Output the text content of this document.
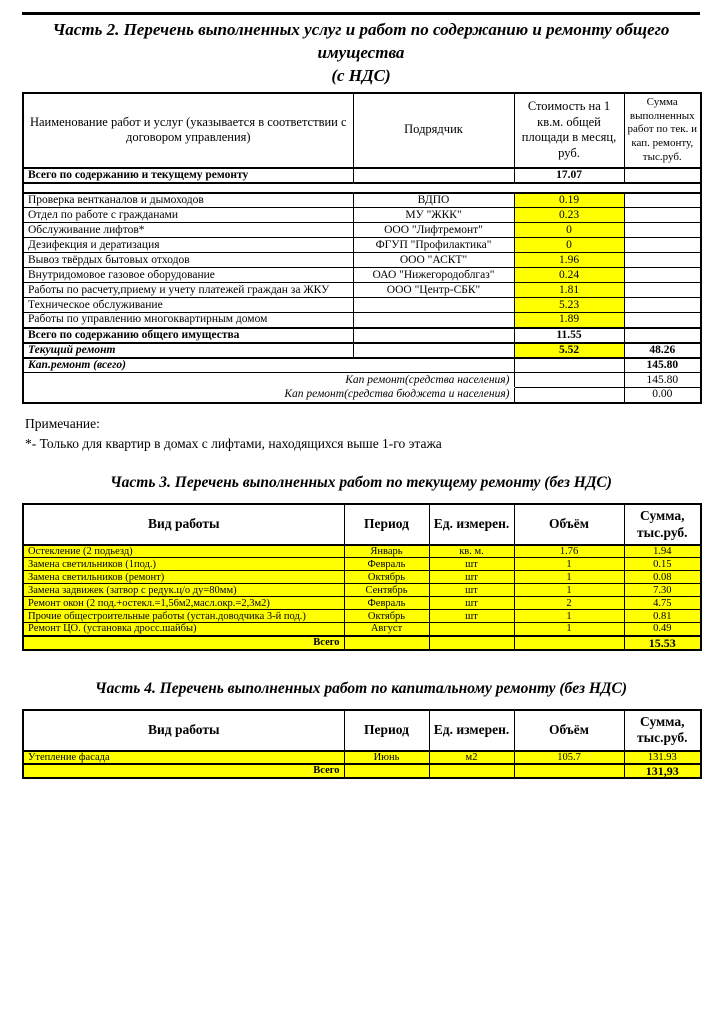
Часть 2. Перечень выполненных услуг и работ по содержанию и ремонту общего имущества
(с НДС)
Наименование работ и услуг (указывается в соответствии с договором управления)	Подрядчик	Стоимость на 1 кв.м. общей площади в месяц, руб.	Сумма выполненных работ по тек. и кап. ремонту, тыс.руб.
Всего по содержанию и текущему ремонту		17.07	

Проверка вентканалов и дымоходов	ВДПО	0.19	
Отдел по работе с гражданами	МУ "ЖКК"	0.23	
Обслуживание лифтов*	ООО "Лифтремонт"	0	
Дезифекция и дератизация	ФГУП "Профилактика"	0	
Вывоз твёрдых бытовых отходов	ООО "АСКТ"	1.96	
Внутридомовое газовое оборудование	ОАО "Нижегородоблгаз"	0.24	
Работы по расчету,приему и учету платежей граждан за ЖКУ	ООО "Центр-СБК"	1.81	
Техническое обслуживание		5.23	
Работы по управлению многоквартирным домом		1.89	
Всего по содержанию общего имущества		11.55	
Текущий ремонт		5.52	48.26
Кап.ремонт (всего)			145.80
Кап ремонт(средства населения)			145.80
Кап ремонт(средства бюджета и населения)			0.00
Примечание:
*- Только для квартир в домах с лифтами, находящихся выше 1-го этажа
Часть 3. Перечень выполненных работ по текущему ремонту (без НДС)
Вид работы	Период	Ед. измерен.	Объём	Сумма, тыс.руб.
Остекление (2 подьезд)	Январь	кв. м.	1.76	1.94
Замена светильников (1под.)	Февраль	шт	1	0.15
Замена светильников (ремонт)	Октябрь	шт	1	0.08
Замена задвижек (затвор с редук.ц/о ду=80мм)	Сентябрь	шт	1	7.30
Ремонт окон (2 под.+остекл.=1,56м2,масл.окр.=2,3м2)	Февраль	шт	2	4.75
Прочие общестроительные работы (устан.доводчика 3-й под.)	Октябрь	шт	1	0.81
Ремонт ЦО. (установка дросс.шайбы)	Август		1	0.49
Всего				15.53
Часть 4. Перечень выполненных работ по капитальному ремонту (без НДС)
Вид работы	Период	Ед. измерен.	Объём	Сумма, тыс.руб.
Утепление фасада	Июнь	м2	105.7	131.93
Всего				131,93
